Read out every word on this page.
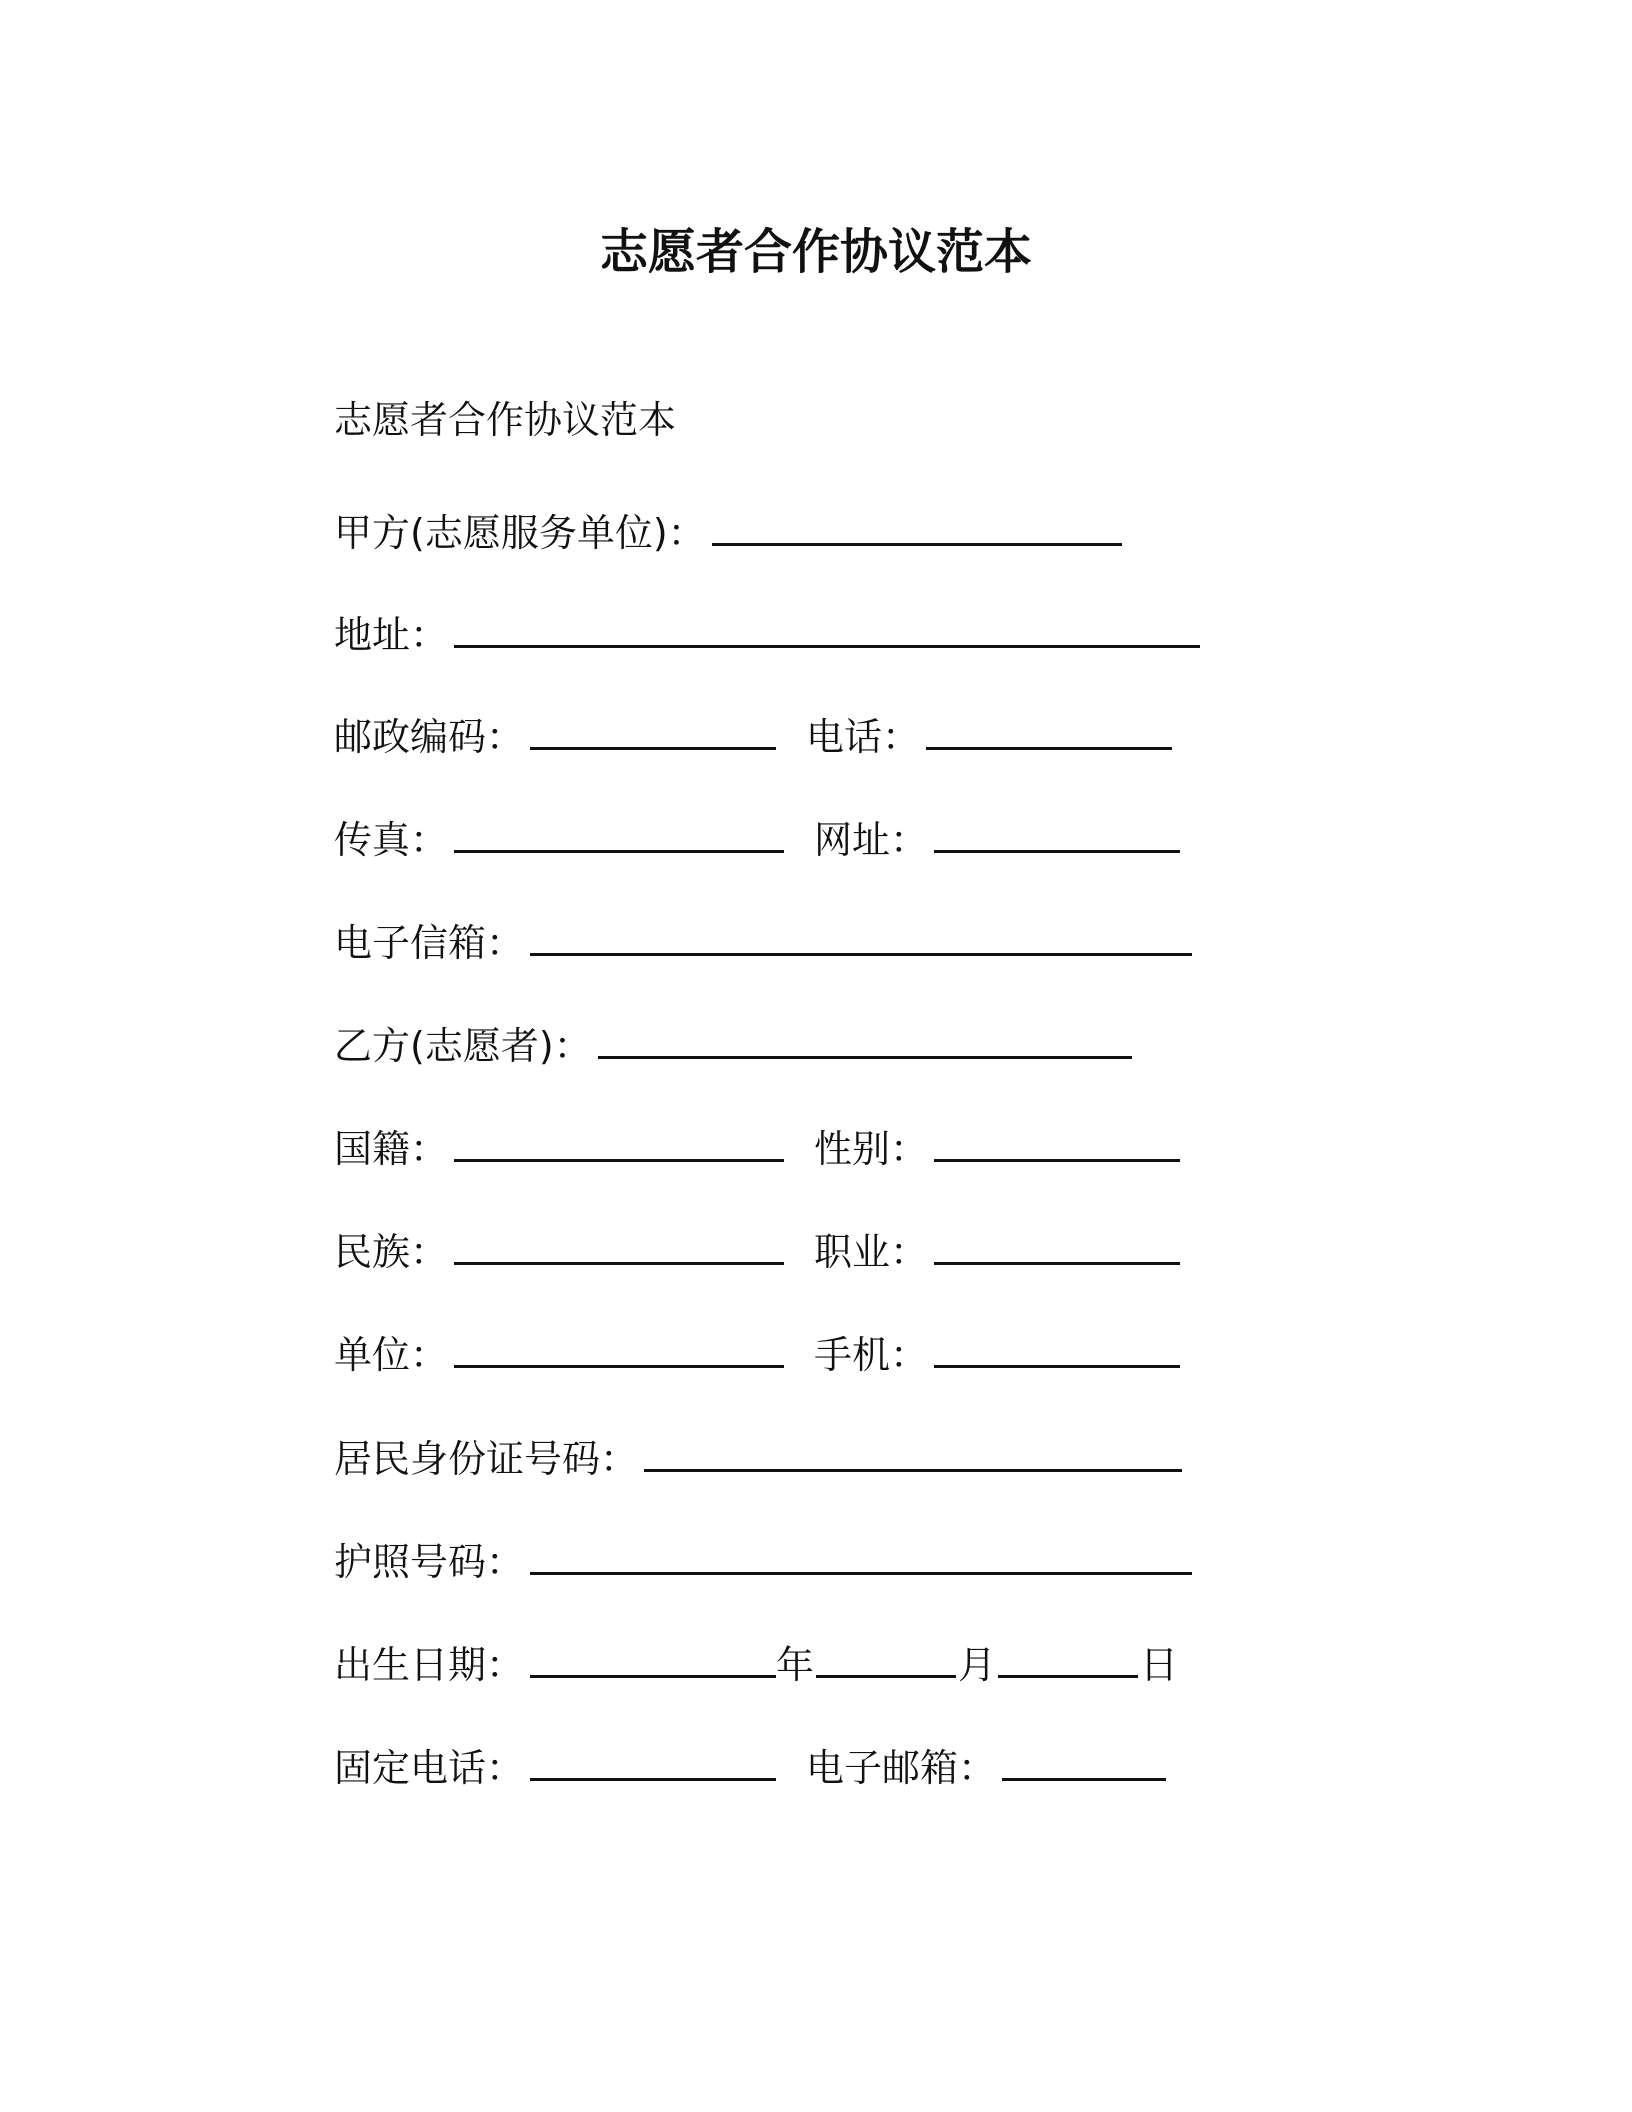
志愿者合作协议范本
志愿者合作协议范本
甲方(志愿服务单位)：
地址：
邮政编码：	电话：
传真：	网址：
电子信箱：
乙方(志愿者)：
国籍：	性别：
民族：	职业：
单位：	手机：
居民身份证号码：
护照号码：
出生日期：	年	月	日
固定电话：	电子邮箱：
